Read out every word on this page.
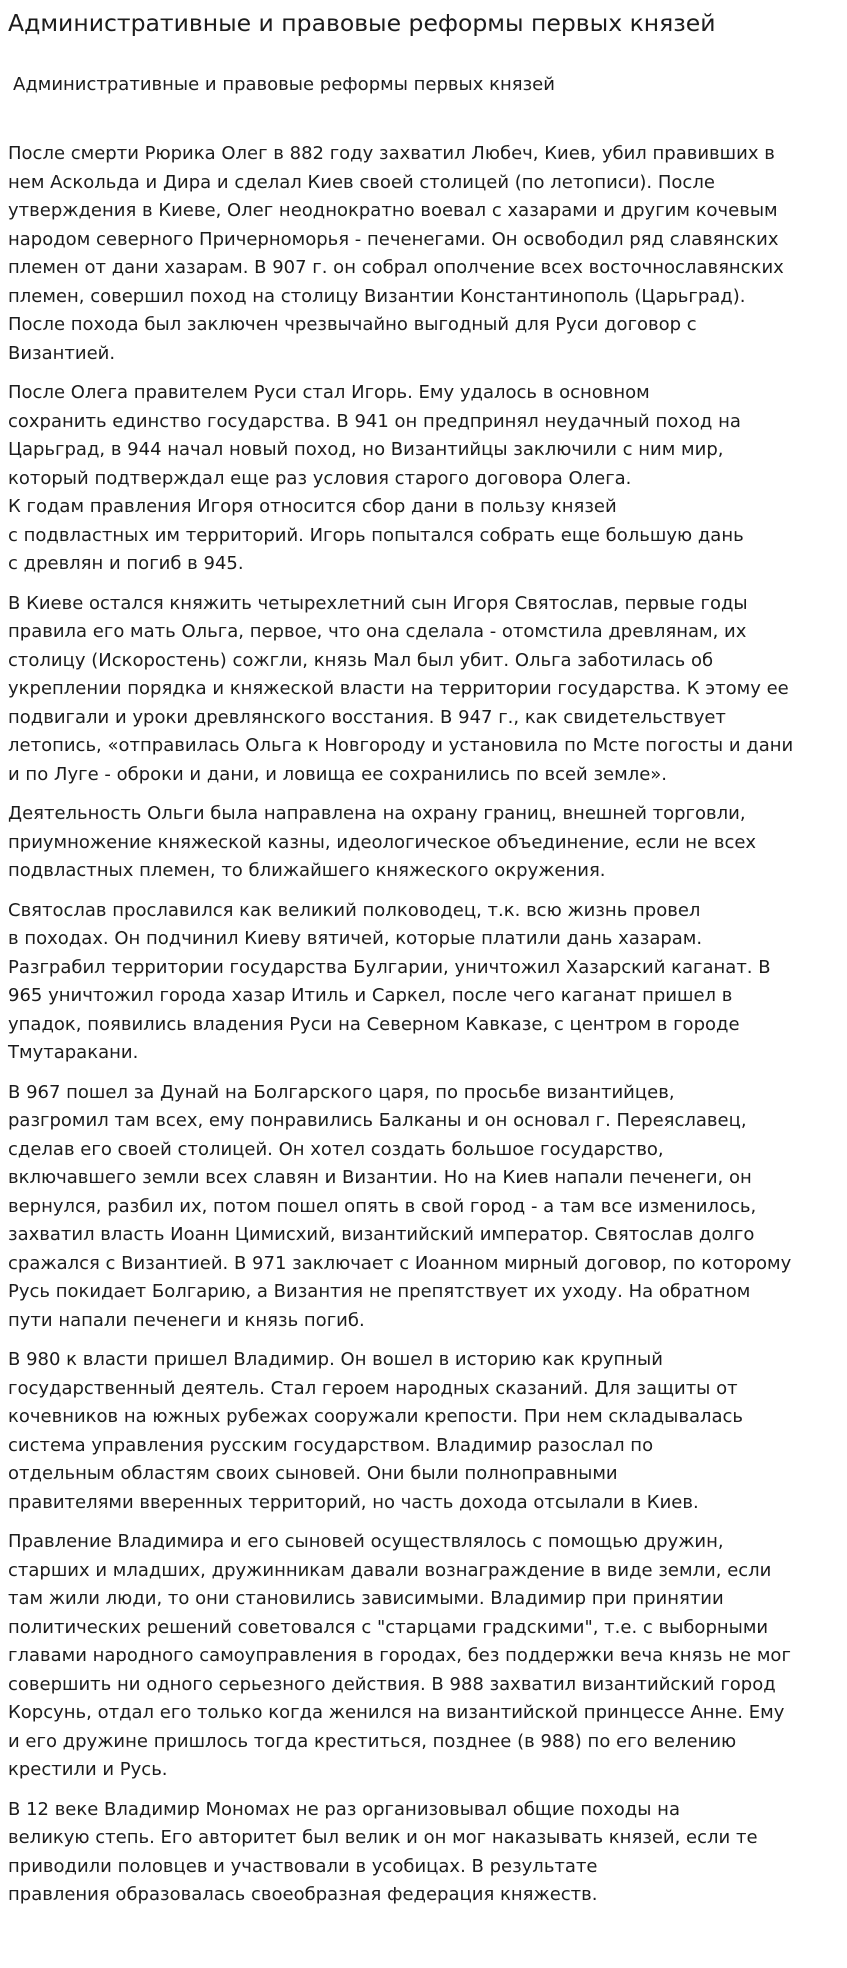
Административные и правовые реформы первых князей
Административные и правовые реформы первых князей
После смерти Рюрика Олег в 882 году захватил Любеч, Киев, убил правивших в
нем Аскольда и Дира и сделал Киев своей столицей (по летописи). После
утверждения в Киеве, Олег неоднократно воевал с хазарами и другим кочевым
народом северного Причерноморья - печенегами. Он освободил ряд славянских
племен от дани хазарам. В 907 г. он собрал ополчение всех восточнославянских
племен, совершил поход на столицу Византии Константинополь (Царьград).
После похода был заключен чрезвычайно выгодный для Руси договор с
Византией.
После Олега правителем Руси стал Игорь. Ему удалось в основном
сохранить единство государства. В 941 он предпринял неудачный поход на
Царьград, в 944 начал новый поход, но Византийцы заключили с ним мир,
который подтверждал еще раз условия старого договора Олега.
К годам правления Игоря относится сбор дани в пользу князей
с подвластных им территорий. Игорь попытался собрать еще большую дань
с древлян и погиб в 945.
В Киеве остался княжить четырехлетний сын Игоря Святослав, первые годы
правила его мать Ольга, первое, что она сделала - отомстила древлянам, их
столицу (Искоростень) сожгли, князь Мал был убит. Ольга заботилась об
укреплении порядка и княжеской власти на территории государства. К этому ее
подвигали и уроки древлянского восстания. В 947 г., как свидетельствует
летопись, «отправилась Ольга к Новгороду и установила по Мсте погосты и дани
и по Луге - оброки и дани, и ловища ее сохранились по всей земле».
Деятельность Ольги была направлена на охрану границ, внешней торговли,
приумножение княжеской казны, идеологическое объединение, если не всех
подвластных племен, то ближайшего княжеского окружения.
Святослав прославился как великий полководец, т.к. всю жизнь провел
в походах. Он подчинил Киеву вятичей, которые платили дань хазарам.
Разграбил территории государства Булгарии, уничтожил Хазарский каганат. В
965 уничтожил города хазар Итиль и Саркел, после чего каганат пришел в
упадок, появились владения Руси на Северном Кавказе, с центром в городе
Тмутаракани.
В 967 пошел за Дунай на Болгарского царя, по просьбе византийцев,
разгромил там всех, ему понравились Балканы и он основал г. Переяславец,
сделав его своей столицей. Он хотел создать большое государство,
включавшего земли всех славян и Византии. Но на Киев напали печенеги, он
вернулся, разбил их, потом пошел опять в свой город - а там все изменилось,
захватил власть Иоанн Цимисхий, византийский император. Святослав долго
сражался с Византией. В 971 заключает с Иоанном мирный договор, по которому
Русь покидает Болгарию, а Византия не препятствует их уходу. На обратном
пути напали печенеги и князь погиб.
В 980 к власти пришел Владимир. Он вошел в историю как крупный
государственный деятель. Стал героем народных сказаний. Для защиты от
кочевников на южных рубежах сооружали крепости. При нем складывалась
система управления русским государством. Владимир разослал по
отдельным областям своих сыновей. Они были полноправными
правителями вверенных территорий, но часть дохода отсылали в Киев.
Правление Владимира и его сыновей осуществлялось с помощью дружин,
старших и младших, дружинникам давали вознаграждение в виде земли, если
там жили люди, то они становились зависимыми. Владимир при принятии
политических решений советовался с "старцами градскими", т.е. с выборными
главами народного самоуправления в городах, без поддержки веча князь не мог
совершить ни одного серьезного действия. В 988 захватил византийский город
Корсунь, отдал его только когда женился на византийской принцессе Анне. Ему
и его дружине пришлось тогда креститься, позднее (в 988) по его велению
крестили и Русь.
В 12 веке Владимир Мономах не раз организовывал общие походы на
великую степь. Его авторитет был велик и он мог наказывать князей, если те
приводили половцев и участвовали в усобицах. В результате
правления образовалась своеобразная федерация княжеств.
